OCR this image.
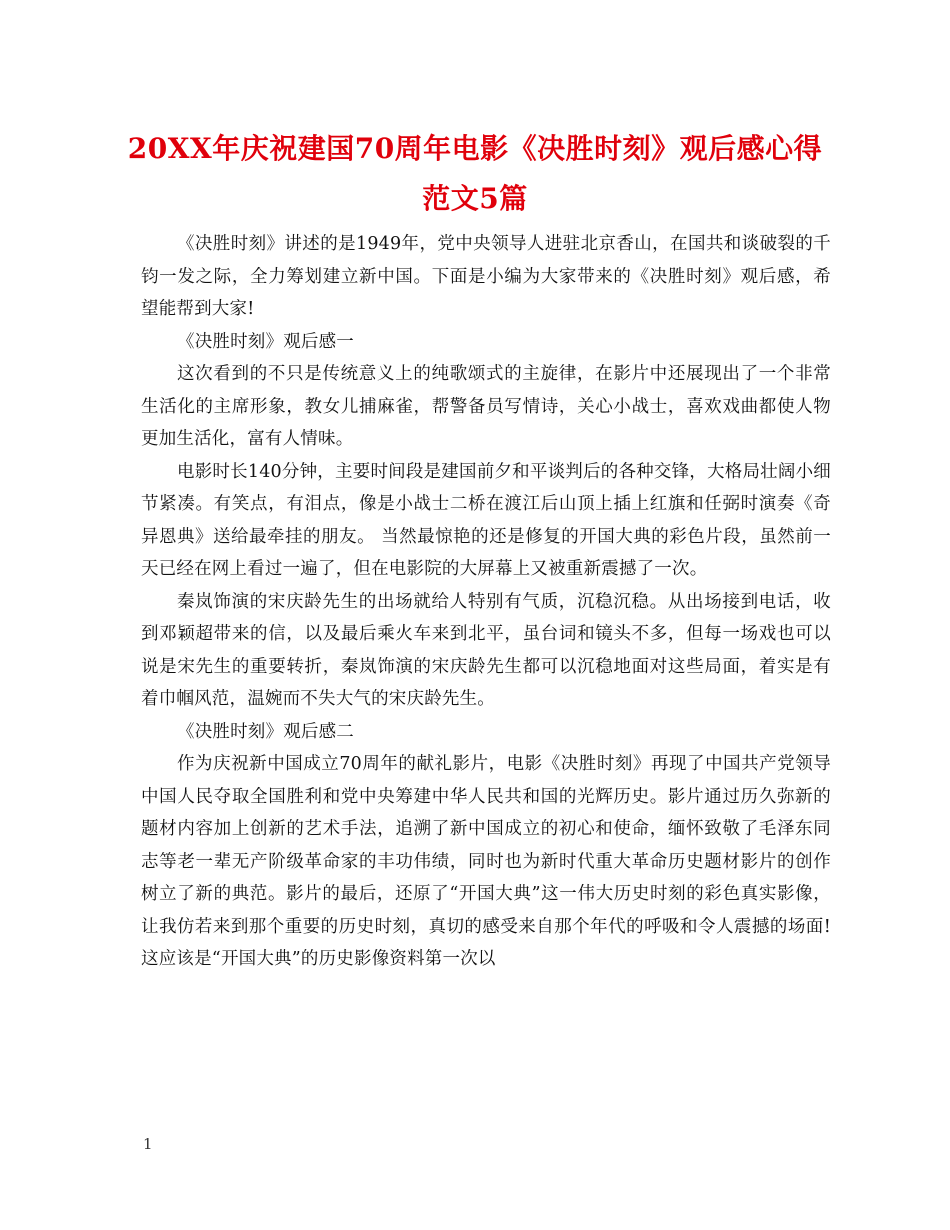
20XX年庆祝建国70周年电影《决胜时刻》观后感心得
范文5篇

《决胜时刻》讲述的是1949年，党中央领导人进驻北京香山，在国共和谈破裂的千钧一发之际，全力筹划建立新中国。下面是小编为大家带来的《决胜时刻》观后感，希望能帮到大家!

《决胜时刻》观后感一

这次看到的不只是传统意义上的纯歌颂式的主旋律，在影片中还展现出了一个非常生活化的主席形象，教女儿捕麻雀，帮警备员写情诗，关心小战士，喜欢戏曲都使人物更加生活化，富有人情味。

电影时长140分钟，主要时间段是建国前夕和平谈判后的各种交锋，大格局壮阔小细节紧凑。有笑点，有泪点，像是小战士二桥在渡江后山顶上插上红旗和任弼时演奏《奇异恩典》送给最牵挂的朋友。 当然最惊艳的还是修复的开国大典的彩色片段，虽然前一天已经在网上看过一遍了，但在电影院的大屏幕上又被重新震撼了一次。

秦岚饰演的宋庆龄先生的出场就给人特别有气质，沉稳沉稳。从出场接到电话，收到邓颖超带来的信，以及最后乘火车来到北平，虽台词和镜头不多，但每一场戏也可以说是宋先生的重要转折，秦岚饰演的宋庆龄先生都可以沉稳地面对这些局面，着实是有着巾帼风范，温婉而不失大气的宋庆龄先生。

《决胜时刻》观后感二

作为庆祝新中国成立70周年的献礼影片，电影《决胜时刻》再现了中国共产党领导中国人民夺取全国胜利和党中央筹建中华人民共和国的光辉历史。影片通过历久弥新的题材内容加上创新的艺术手法，追溯了新中国成立的初心和使命，缅怀致敬了毛泽东同志等老一辈无产阶级革命家的丰功伟绩，同时也为新时代重大革命历史题材影片的创作树立了新的典范。影片的最后，还原了“开国大典”这一伟大历史时刻的彩色真实影像，让我仿若来到那个重要的历史时刻，真切的感受来自那个年代的呼吸和令人震撼的场面!这应该是“开国大典”的历史影像资料第一次以

1
